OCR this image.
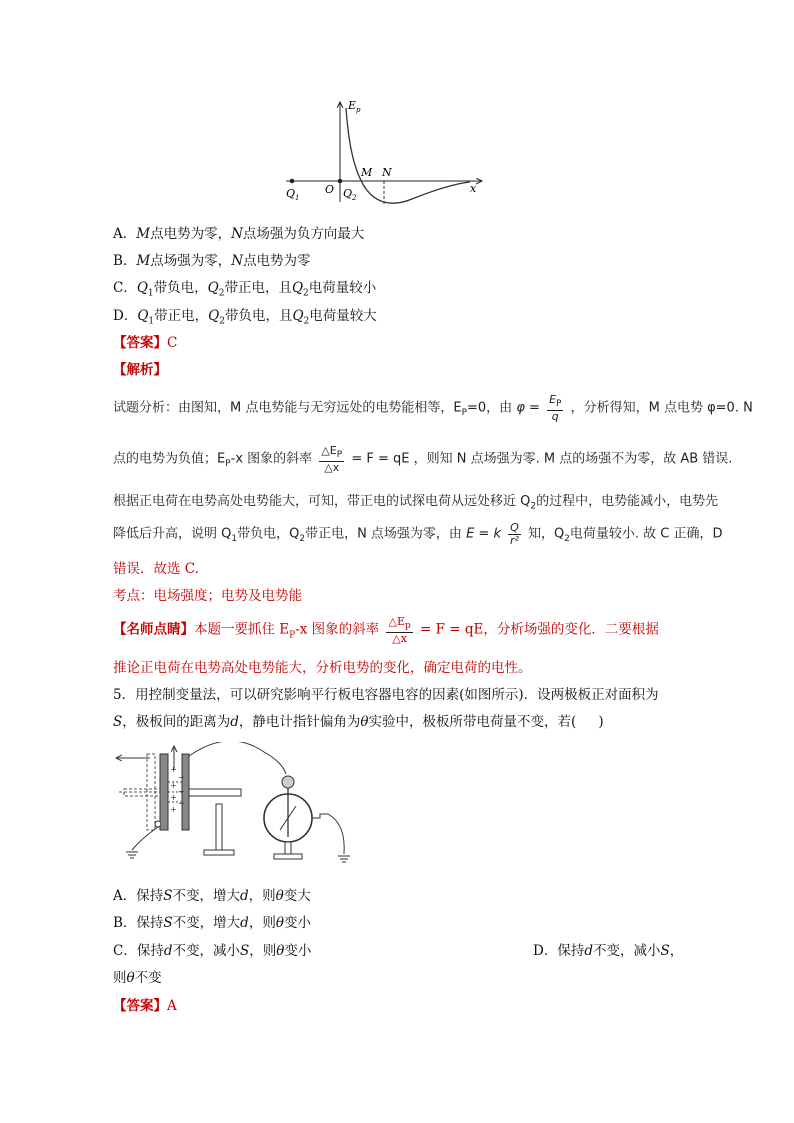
$E_p$
$Q_1$
O $Q_2$
M N
x
A．M点电势为零，N点场强为负方向最大
B．M点场强为零，N点电势为零
C．$Q_1$带负电，$Q_2$带正电，且$Q_2$电荷量较小
D．$Q_1$带正电，$Q_2$带负电，且$Q_2$电荷量较大
【答案】C
【解析】
试题分析：由图知，M 点电势能与无穷远处的电势能相等，$E_P=0$，由 $\varphi = \frac{E_P}{q}$ ，分析得知，M 点电势 φ=0. N
点的电势为负值；$E_P-x$ 图象的斜率 $\frac{\triangle E_P}{\triangle x} = F$ = qE ，则知 N 点场强为零. M 点的场强不为零，故 AB 错误.
根据正电荷在电势高处电势能大，可知，带正电的试探电荷从远处移近 $Q_2$的过程中，电势能减小，电势先
降低后升高，说明 $Q_1$带负电，$Q_2$带正电，N 点场强为零，由 E = k $\frac{Q}{\text{r²}}$ 知，$Q_2$电荷量较小. 故 C 正确，D
错误．故选 C.
考点：电场强度；电势及电势能
【名师点睛】本题一要抓住 $E_P-x$ 图象的斜率 $\frac{\triangle E_p}{\triangle x} = F$ = qE，分析场强的变化．二要根据
推论正电荷在电势高处电势能大，分析电势的变化，确定电荷的电性。
5．用控制变量法，可以研究影响平行板电容器电容的因素(如图所示)．设两极板正对面积为
S，极板间的距离为d，静电计指针偏角为θ实验中，极板所带电荷量不变，若( )
+
+
+
+
−
−
−
A．保持S不变，增大d，则θ变大
B．保持S不变，增大d，则θ变小
C．保持d不变，减小S，则θ变小	D．保持d不变，减小S，
则θ不变
【答案】A
